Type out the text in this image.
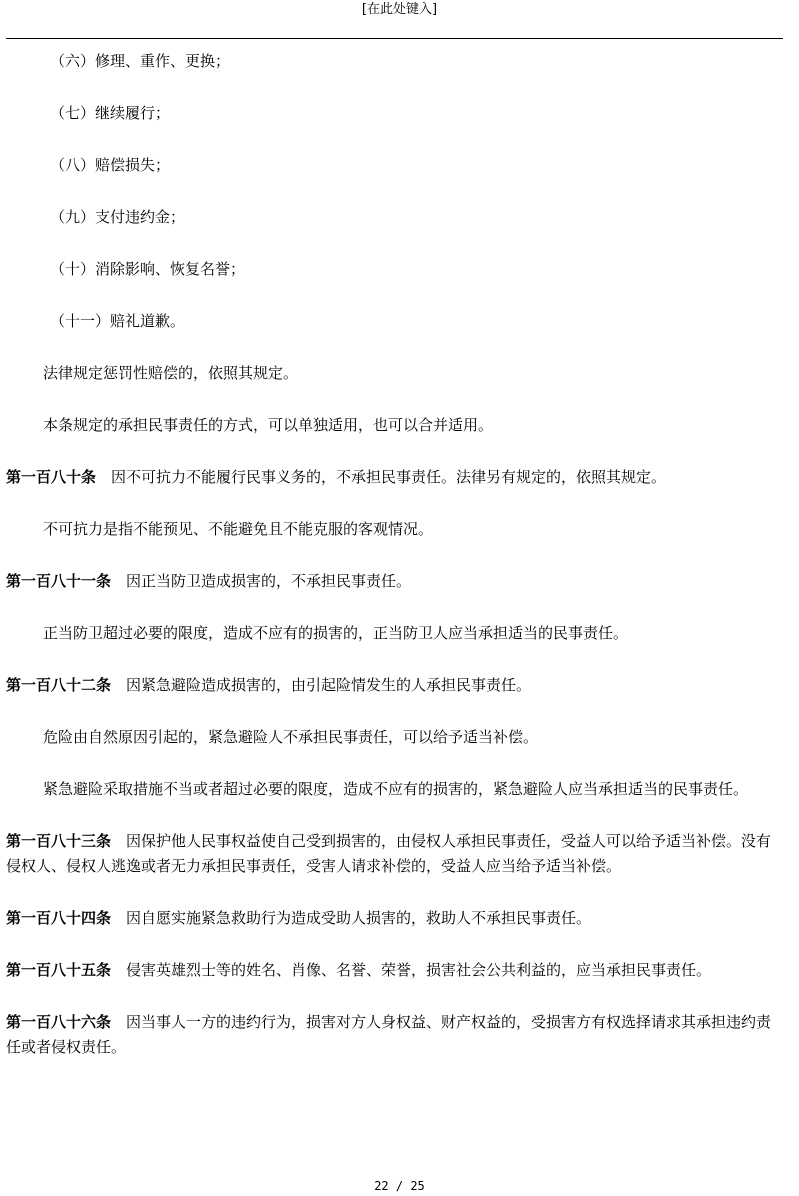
[在此处键入]

（六）修理、重作、更换；

（七）继续履行；

（八）赔偿损失；

（九）支付违约金；

（十）消除影响、恢复名誉；

（十一）赔礼道歉。

法律规定惩罚性赔偿的，依照其规定。

本条规定的承担民事责任的方式，可以单独适用，也可以合并适用。

第一百八十条  因不可抗力不能履行民事义务的，不承担民事责任。法律另有规定的，依照其规定。

不可抗力是指不能预见、不能避免且不能克服的客观情况。

第一百八十一条  因正当防卫造成损害的，不承担民事责任。

正当防卫超过必要的限度，造成不应有的损害的，正当防卫人应当承担适当的民事责任。

第一百八十二条  因紧急避险造成损害的，由引起险情发生的人承担民事责任。

危险由自然原因引起的，紧急避险人不承担民事责任，可以给予适当补偿。

紧急避险采取措施不当或者超过必要的限度，造成不应有的损害的，紧急避险人应当承担适当的民事责任。

第一百八十三条  因保护他人民事权益使自己受到损害的，由侵权人承担民事责任，受益人可以给予适当补偿。没有侵权人、侵权人逃逸或者无力承担民事责任，受害人请求补偿的，受益人应当给予适当补偿。

第一百八十四条  因自愿实施紧急救助行为造成受助人损害的，救助人不承担民事责任。

第一百八十五条  侵害英雄烈士等的姓名、肖像、名誉、荣誉，损害社会公共利益的，应当承担民事责任。

第一百八十六条  因当事人一方的违约行为，损害对方人身权益、财产权益的，受损害方有权选择请求其承担违约责任或者侵权责任。

22 / 25
